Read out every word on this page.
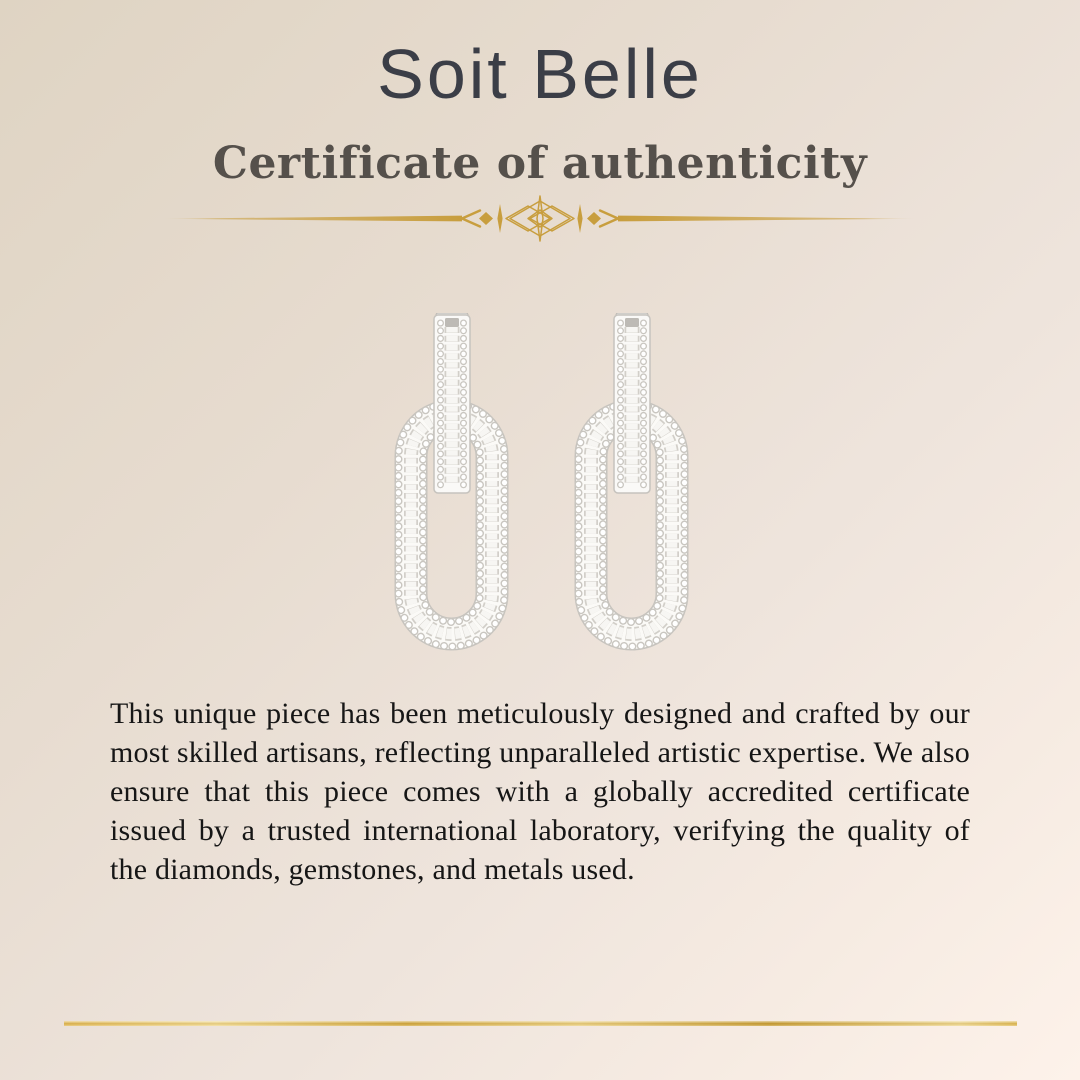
Soit Belle
Certificate of authenticity
This unique piece has been meticulously designed and crafted by our most skilled artisans, reflecting unparalleled artistic expertise. We also ensure that this piece comes with a globally accredited certificate issued by a trusted international laboratory, verifying the quality of the diamonds, gemstones, and metals used.
